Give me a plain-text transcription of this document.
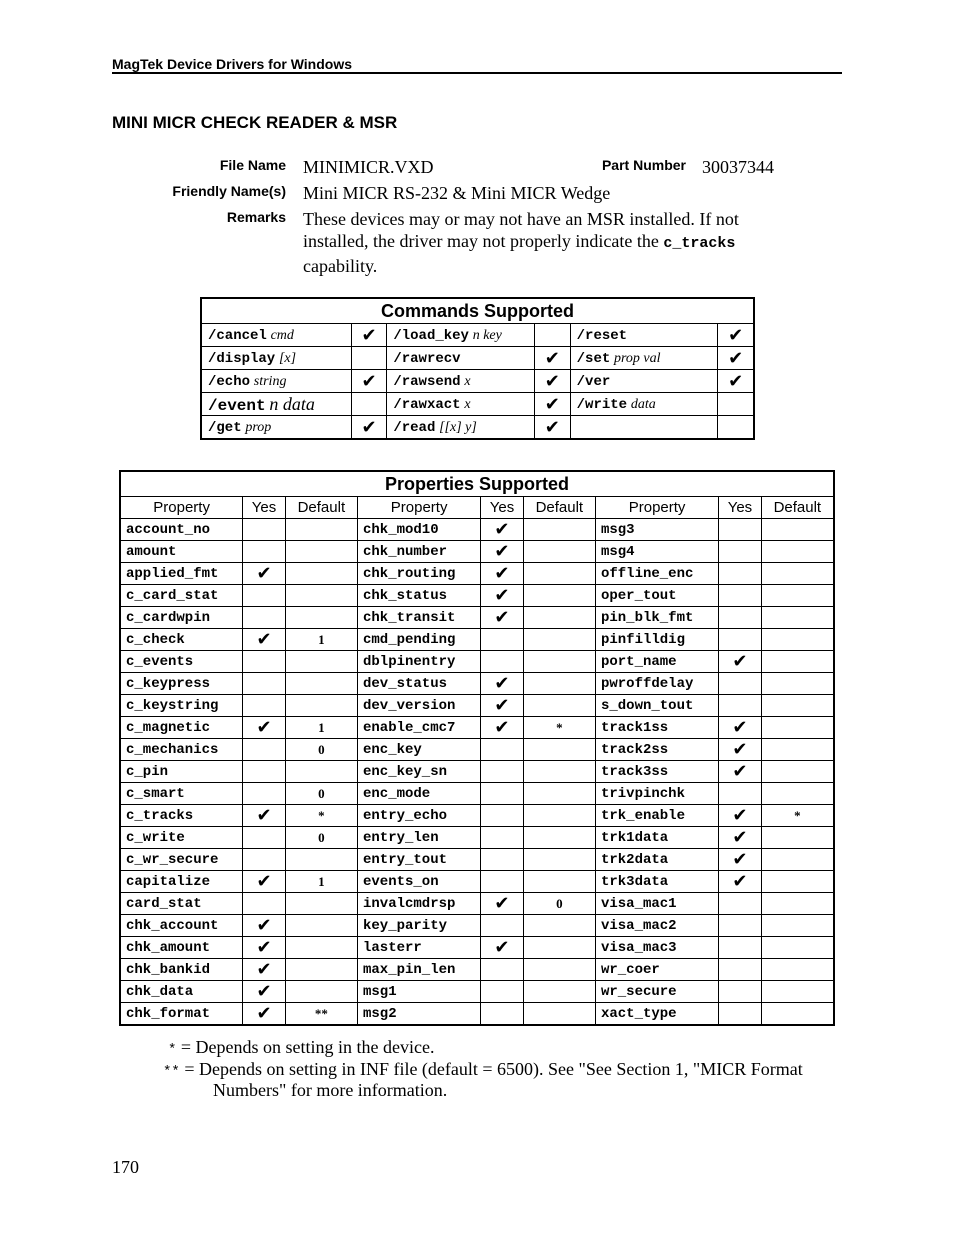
MagTek Device Drivers for Windows
MINI MICR CHECK READER & MSR
File Name MINIMICR.VXD	Part Number 30037344
Friendly Name(s) Mini MICR RS-232 & Mini MICR Wedge
Remarks These devices may or may not have an MSR installed. If not
installed, the driver may not properly indicate the c_tracks
capability.
Commands Supported					
/cancel cmd	✔	/load_key n key		/reset	✔
/display [x]		/rawrecv	✔	/set prop val	✔
/echo string	✔	/rawsend x	✔	/ver	✔
/event n data		/rawxact x	✔	/write data	
/get prop	✔	/read [[x] y]	✔		
Properties Supported								
Property	Yes	Default	Property	Yes	Default	Property	Yes	Default
account_no			chk_mod10	✔		msg3		
amount			chk_number	✔		msg4		
applied_fmt	✔		chk_routing	✔		offline_enc		
c_card_stat			chk_status	✔		oper_tout		
c_cardwpin			chk_transit	✔		pin_blk_fmt		
c_check	✔	1	cmd_pending			pinfilldig		
c_events			dblpinentry			port_name	✔	
c_keypress			dev_status	✔		pwroffdelay		
c_keystring			dev_version	✔		s_down_tout		
c_magnetic	✔	1	enable_cmc7	✔	*	track1ss	✔	
c_mechanics		0	enc_key			track2ss	✔	
c_pin			enc_key_sn			track3ss	✔	
c_smart		0	enc_mode			trivpinchk		
c_tracks	✔	*	entry_echo			trk_enable	✔	*
c_write		0	entry_len			trk1data	✔	
c_wr_secure			entry_tout			trk2data	✔	
capitalize	✔	1	events_on			trk3data	✔	
card_stat			invalcmdrsp	✔	0	visa_mac1		
chk_account	✔		key_parity			visa_mac2		
chk_amount	✔		lasterr	✔		visa_mac3		
chk_bankid	✔		max_pin_len			wr_coer		
chk_data	✔		msg1			wr_secure		
chk_format	✔	**	msg2			xact_type		
* = Depends on setting in the device.
** = Depends on setting in INF file (default = 6500). See "See Section 1, "MICR Format
Numbers" for more information.
170
